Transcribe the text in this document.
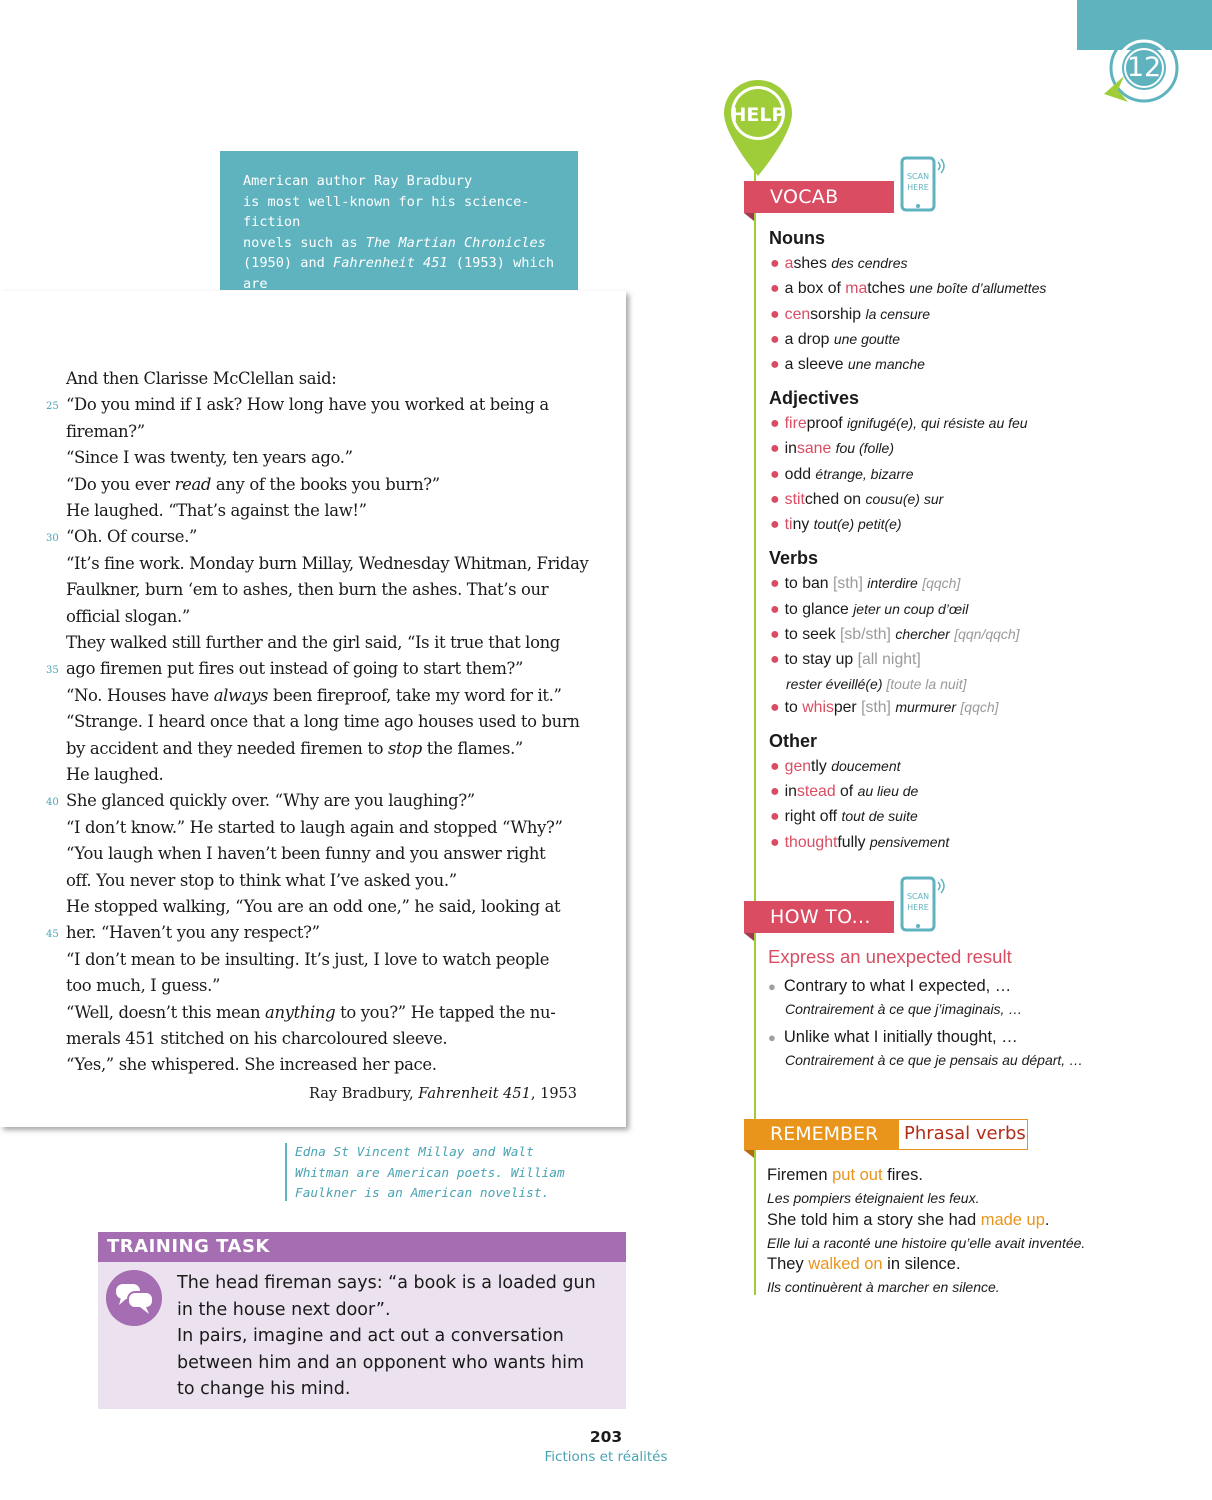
12
American author Ray Bradbury
is most well-known for his science-fiction
novels such as The Martian Chronicles
(1950) and Fahrenheit 451 (1953) which are
And then Clarisse McClellan said:
“Do you mind if I ask? How long have you worked at being a
fireman?”
“Since I was twenty, ten years ago.”
“Do you ever read any of the books you burn?”
He laughed. “That’s against the law!”
“Oh. Of course.”
“It’s fine work. Monday burn Millay, Wednesday Whitman, Friday
Faulkner, burn ‘em to ashes, then burn the ashes. That’s our
official slogan.”
They walked still further and the girl said, “Is it true that long
ago firemen put fires out instead of going to start them?”
“No. Houses have always been fireproof, take my word for it.”
“Strange. I heard once that a long time ago houses used to burn
by accident and they needed firemen to stop the flames.”
He laughed.
She glanced quickly over. “Why are you laughing?”
“I don’t know.” He started to laugh again and stopped “Why?”
“You laugh when I haven’t been funny and you answer right
off. You never stop to think what I’ve asked you.”
He stopped walking, “You are an odd one,” he said, looking at
her. “Haven’t you any respect?”
“I don’t mean to be insulting. It’s just, I love to watch people
too much, I guess.”
“Well, doesn’t this mean anything to you?” He tapped the nu-
merals 451 stitched on his charcoloured sleeve.
“Yes,” she whispered. She increased her pace.
25
30
35
40
45
Ray Bradbury, Fahrenheit 451, 1953
Edna St Vincent Millay and Walt
Whitman are American poets. William
Faulkner is an American novelist.
TRAINING TASK
The head fireman says: “a book is a loaded gun
in the house next door”.
In pairs, imagine and act out a conversation
between him and an opponent who wants him
to change his mind.
203
Fictions et réalités
HELP
VOCAB
SCAN
HERE
Nouns
● ashes des cendres
● a box of matches une boîte d’allumettes
● censorship la censure
● a drop une goutte
● a sleeve une manche
Adjectives
● fireproof ignifugé(e), qui résiste au feu
● insane fou (folle)
● odd étrange, bizarre
● stitched on cousu(e) sur
● tiny tout(e) petit(e)
Verbs
● to ban [sth] interdire [qqch]
● to glance jeter un coup d’œil
● to seek [sb/sth] chercher [qqn/qqch]
● to stay up [all night]
rester éveillé(e) [toute la nuit]
● to whisper [sth] murmurer [qqch]
Other
● gently doucement
● instead of au lieu de
● right off tout de suite
● thoughtfully pensivement
HOW TO...
SCAN
HERE
Express an unexpected result
● Contrary to what I expected, …
Contrairement à ce que j’imaginais, …
● Unlike what I initially thought, …
Contrairement à ce que je pensais au départ, …
REMEMBER	Phrasal verbs
Firemen put out fires.
Les pompiers éteignaient les feux.
She told him a story she had made up.
Elle lui a raconté une histoire qu’elle avait inventée.
They walked on in silence.
Ils continuèrent à marcher en silence.
